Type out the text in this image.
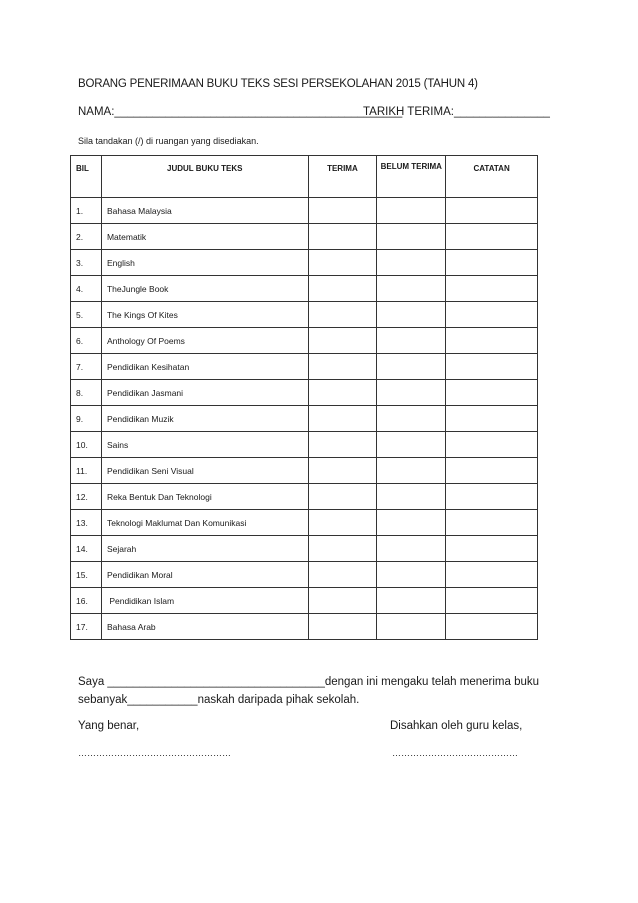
BORANG PENERIMAAN BUKU TEKS SESI PERSEKOLAHAN 2015 (TAHUN 4)
NAMA:_____________________________________________
TARIKH TERIMA:_______________
Sila tandakan (/) di ruangan yang disediakan.
BIL	JUDUL BUKU TEKS	TERIMA	BELUM TERIMA	CATATAN
1.	Bahasa Malaysia			
2.	Matematik			
3.	English			
4.	TheJungle Book			
5.	The Kings Of Kites			
6.	Anthology Of Poems			
7.	Pendidikan Kesihatan			
8.	Pendidikan Jasmani			
9.	Pendidikan Muzik			
10.	Sains			
11.	Pendidikan Seni Visual			
12.	Reka Bentuk Dan Teknologi			
13.	Teknologi Maklumat Dan Komunikasi			
14.	Sejarah			
15.	Pendidikan Moral			
16.	Pendidikan Islam			
17.	Bahasa Arab			
Saya __________________________________dengan ini mengaku telah menerima buku
sebanyak___________naskah daripada pihak sekolah.
Yang benar,	Disahkan oleh guru kelas,
……………………………………………	……………………………………
